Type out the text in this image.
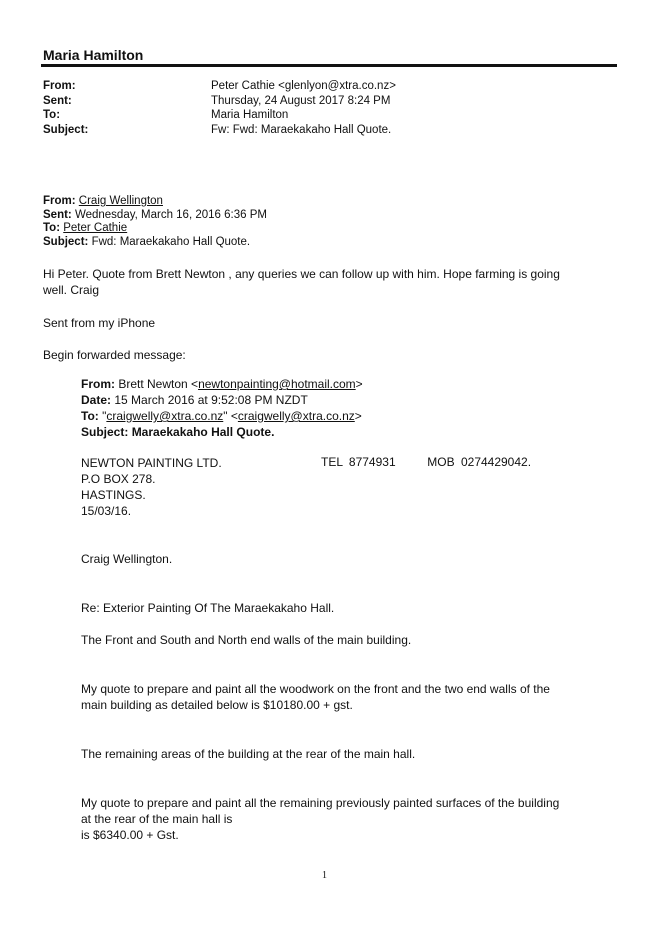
Maria Hamilton
From:	Peter Cathie <glenlyon@xtra.co.nz>
Sent:	Thursday, 24 August 2017 8:24 PM
To:	Maria Hamilton
Subject:	Fw: Fwd: Maraekakaho Hall Quote.
From: Craig Wellington
Sent: Wednesday, March 16, 2016 6:36 PM
To: Peter Cathie
Subject: Fwd: Maraekakaho Hall Quote.
Hi Peter. Quote from Brett Newton , any queries we can follow up with him. Hope farming is going
well. Craig
Sent from my iPhone
Begin forwarded message:
From: Brett Newton <newtonpainting@hotmail.com>
Date: 15 March 2016 at 9:52:08 PM NZDT
To: "craigwelly@xtra.co.nz" <craigwelly@xtra.co.nz>
Subject: Maraekakaho Hall Quote.
NEWTON PAINTING LTD.
P.O BOX 278.
HASTINGS.
15/03/16.
TEL 8774931	MOB 0274429042.
Craig Wellington.
Re: Exterior Painting Of The Maraekakaho Hall.
The Front and South and North end walls of the main building.
My quote to prepare and paint all the woodwork on the front and the two end walls of the
main building as detailed below is $10180.00 + gst.
The remaining areas of the building at the rear of the main hall.
My quote to prepare and paint all the remaining previously painted surfaces of the building
at the rear of the main hall is
is $6340.00 + Gst.
1
